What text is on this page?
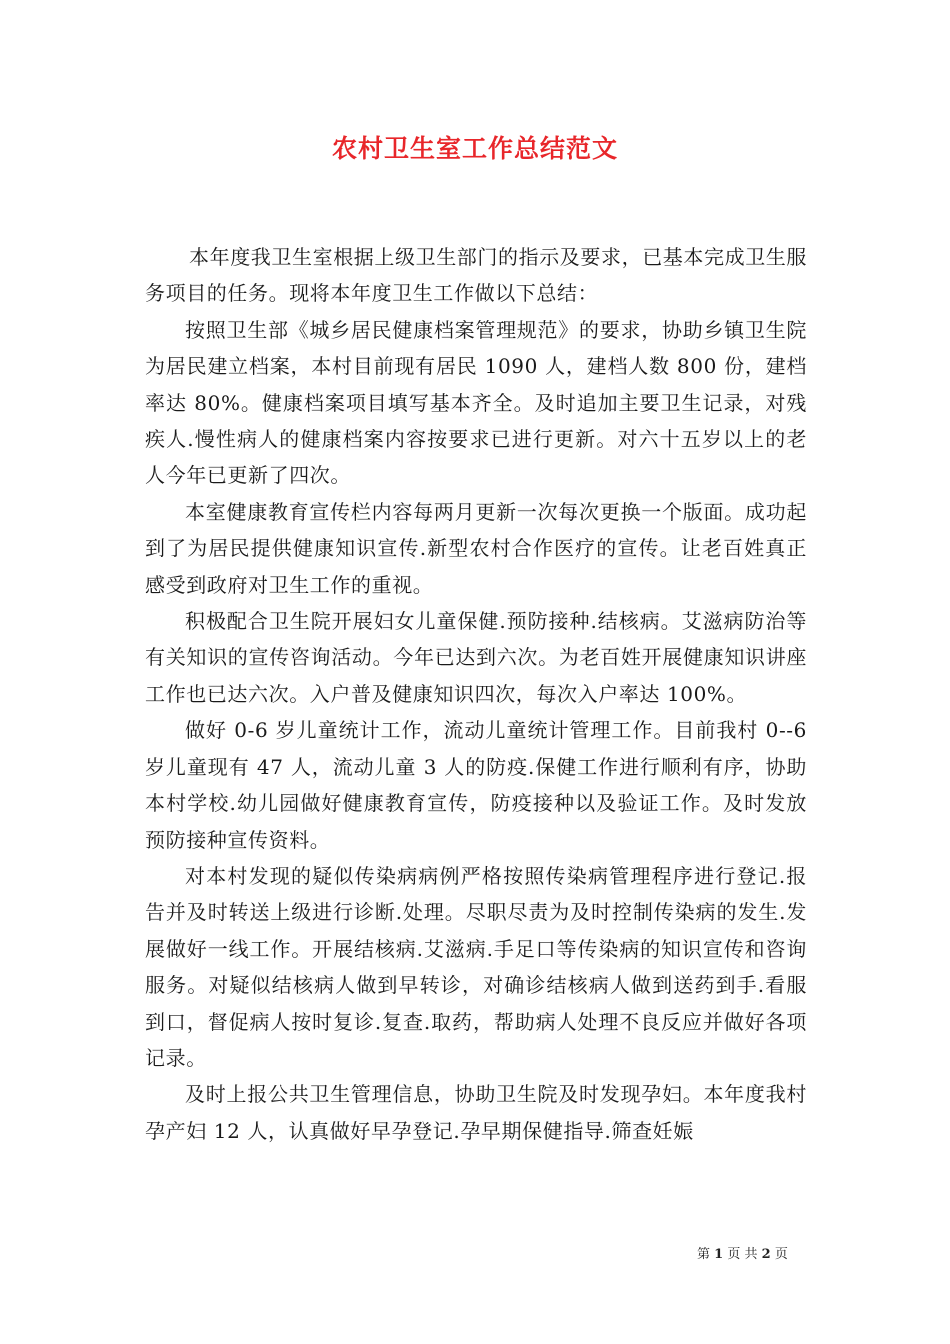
农村卫生室工作总结范文

本年度我卫生室根据上级卫生部门的指示及要求，已基本完成卫生服务项目的任务。现将本年度卫生工作做以下总结：

按照卫生部《城乡居民健康档案管理规范》的要求，协助乡镇卫生院为居民建立档案，本村目前现有居民 1090 人，建档人数 800 份，建档率达 80%。健康档案项目填写基本齐全。及时追加主要卫生记录，对残疾人.慢性病人的健康档案内容按要求已进行更新。对六十五岁以上的老人今年已更新了四次。

本室健康教育宣传栏内容每两月更新一次每次更换一个版面。成功起到了为居民提供健康知识宣传.新型农村合作医疗的宣传。让老百姓真正感受到政府对卫生工作的重视。

积极配合卫生院开展妇女儿童保健.预防接种.结核病。艾滋病防治等有关知识的宣传咨询活动。今年已达到六次。为老百姓开展健康知识讲座工作也已达六次。入户普及健康知识四次，每次入户率达 100%。

做好 0-6 岁儿童统计工作，流动儿童统计管理工作。目前我村 0--6 岁儿童现有 47 人，流动儿童 3 人的防疫.保健工作进行顺利有序，协助本村学校.幼儿园做好健康教育宣传，防疫接种以及验证工作。及时发放预防接种宣传资料。

对本村发现的疑似传染病病例严格按照传染病管理程序进行登记.报告并及时转送上级进行诊断.处理。尽职尽责为及时控制传染病的发生.发展做好一线工作。开展结核病.艾滋病.手足口等传染病的知识宣传和咨询服务。对疑似结核病人做到早转诊，对确诊结核病人做到送药到手.看服到口，督促病人按时复诊.复查.取药，帮助病人处理不良反应并做好各项记录。

及时上报公共卫生管理信息，协助卫生院及时发现孕妇。本年度我村孕产妇 12 人，认真做好早孕登记.孕早期保健指导.筛查妊娠

第 1 页 共 2 页
